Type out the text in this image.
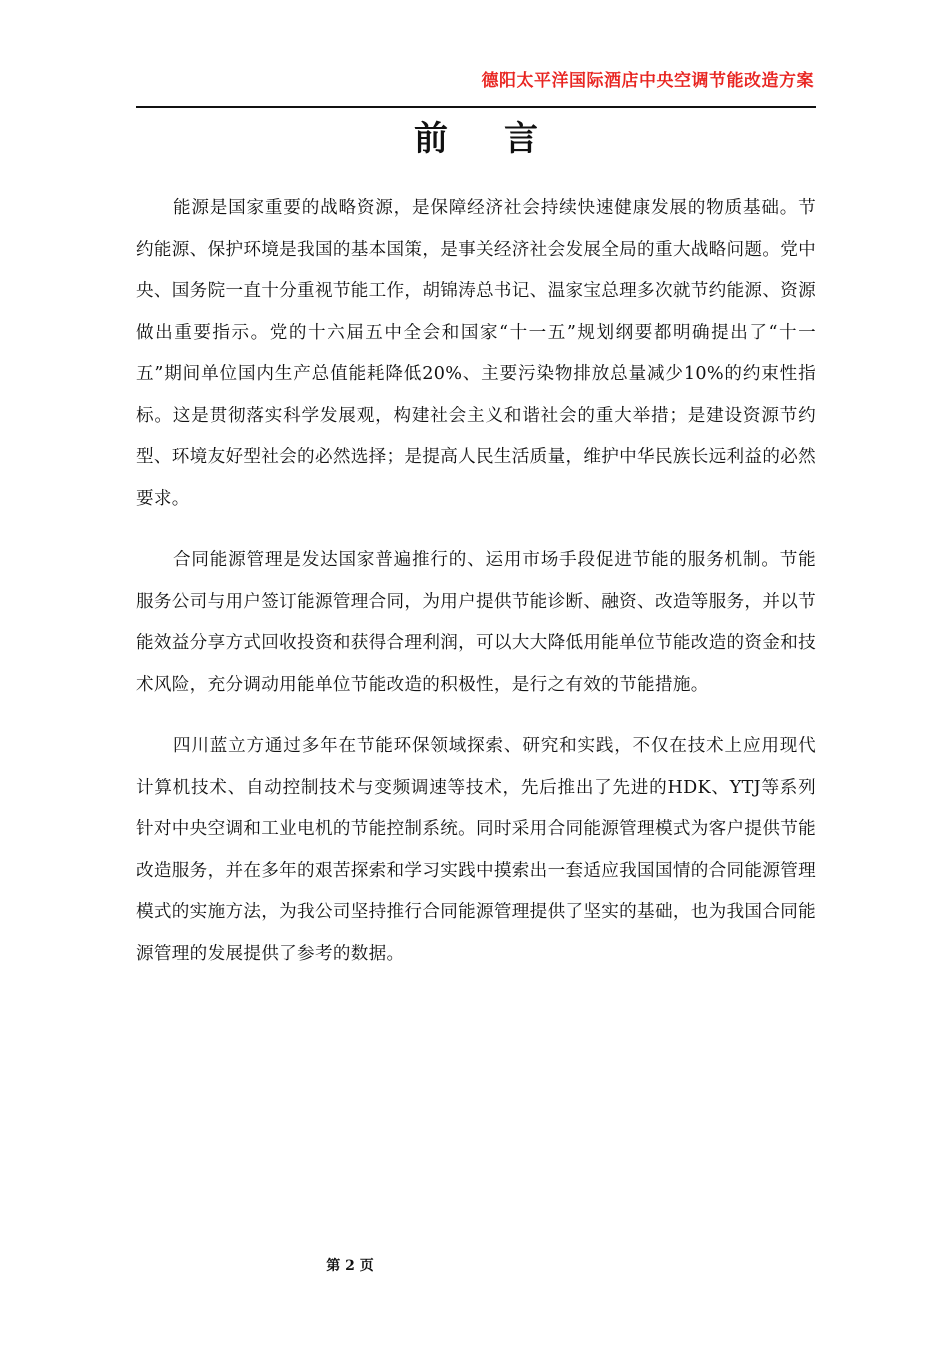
德阳太平洋国际酒店中央空调节能改造方案
前言

能源是国家重要的战略资源，是保障经济社会持续快速健康发展的物质基础。节约能源、保护环境是我国的基本国策，是事关经济社会发展全局的重大战略问题。党中央、国务院一直十分重视节能工作，胡锦涛总书记、温家宝总理多次就节约能源、资源做出重要指示。党的十六届五中全会和国家“十一五”规划纲要都明确提出了“十一五”期间单位国内生产总值能耗降低20%、主要污染物排放总量减少10%的约束性指标。这是贯彻落实科学发展观，构建社会主义和谐社会的重大举措；是建设资源节约型、环境友好型社会的必然选择；是提高人民生活质量，维护中华民族长远利益的必然要求。

合同能源管理是发达国家普遍推行的、运用市场手段促进节能的服务机制。节能服务公司与用户签订能源管理合同，为用户提供节能诊断、融资、改造等服务，并以节能效益分享方式回收投资和获得合理利润，可以大大降低用能单位节能改造的资金和技术风险，充分调动用能单位节能改造的积极性，是行之有效的节能措施。

四川蓝立方通过多年在节能环保领域探索、研究和实践，不仅在技术上应用现代计算机技术、自动控制技术与变频调速等技术，先后推出了先进的HDK、YTJ等系列针对中央空调和工业电机的节能控制系统。同时采用合同能源管理模式为客户提供节能改造服务，并在多年的艰苦探索和学习实践中摸索出一套适应我国国情的合同能源管理模式的实施方法，为我公司坚持推行合同能源管理提供了坚实的基础，也为我国合同能源管理的发展提供了参考的数据。

第 2 页
